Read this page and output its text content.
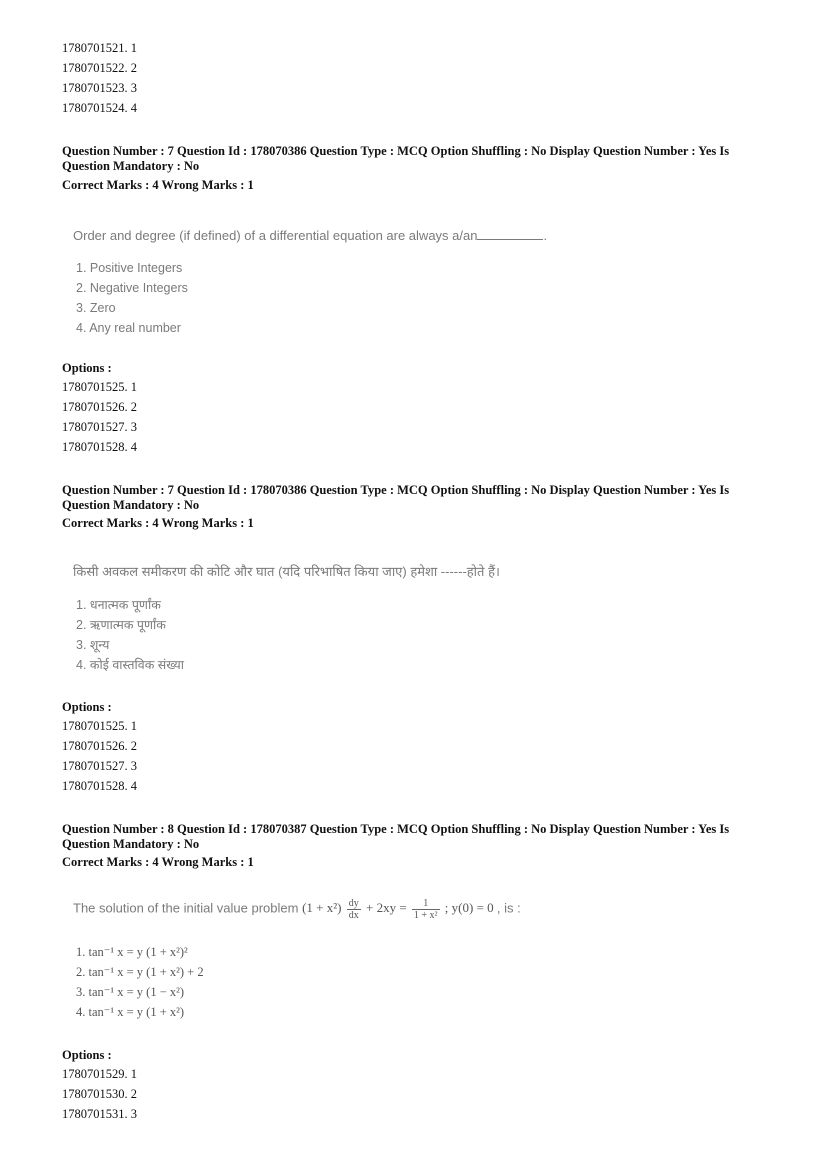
1780701521. 1
1780701522. 2
1780701523. 3
1780701524. 4
Question Number : 7 Question Id : 178070386 Question Type : MCQ Option Shuffling : No Display Question Number : Yes Is
Question Mandatory : No
Correct Marks : 4 Wrong Marks : 1
Order and degree (if defined) of a differential equation are always a/an	.
1. Positive Integers
2. Negative Integers
3. Zero
4. Any real number
Options :
1780701525. 1
1780701526. 2
1780701527. 3
1780701528. 4
Question Number : 7 Question Id : 178070386 Question Type : MCQ Option Shuffling : No Display Question Number : Yes Is
Question Mandatory : No
Correct Marks : 4 Wrong Marks : 1
किसी अवकल समीकरण की कोटि और घात (यदि परिभाषित किया जाए) हमेशा ------होते हैं।
1. धनात्मक पूर्णांक
2. ऋणात्मक पूर्णांक
3. शून्य
4. कोई वास्तविक संख्या
Options :
1780701525. 1
1780701526. 2
1780701527. 3
1780701528. 4
Question Number : 8 Question Id : 178070387 Question Type : MCQ Option Shuffling : No Display Question Number : Yes Is
Question Mandatory : No
Correct Marks : 4 Wrong Marks : 1
The solution of the initial value problem $(1 + x^2) \frac{dy}{dx} + 2xy = \frac{1}{\text{1 + x²}}$ ; y(0) = 0 , is :
1. tan⁻¹ x = y (1 + x²)²
2. tan⁻¹ x = y (1 + x²) + 2
3. tan⁻¹ x = y (1 − x²)
4. tan⁻¹ x = y (1 + x²)
Options :
1780701529. 1
1780701530. 2
1780701531. 3
